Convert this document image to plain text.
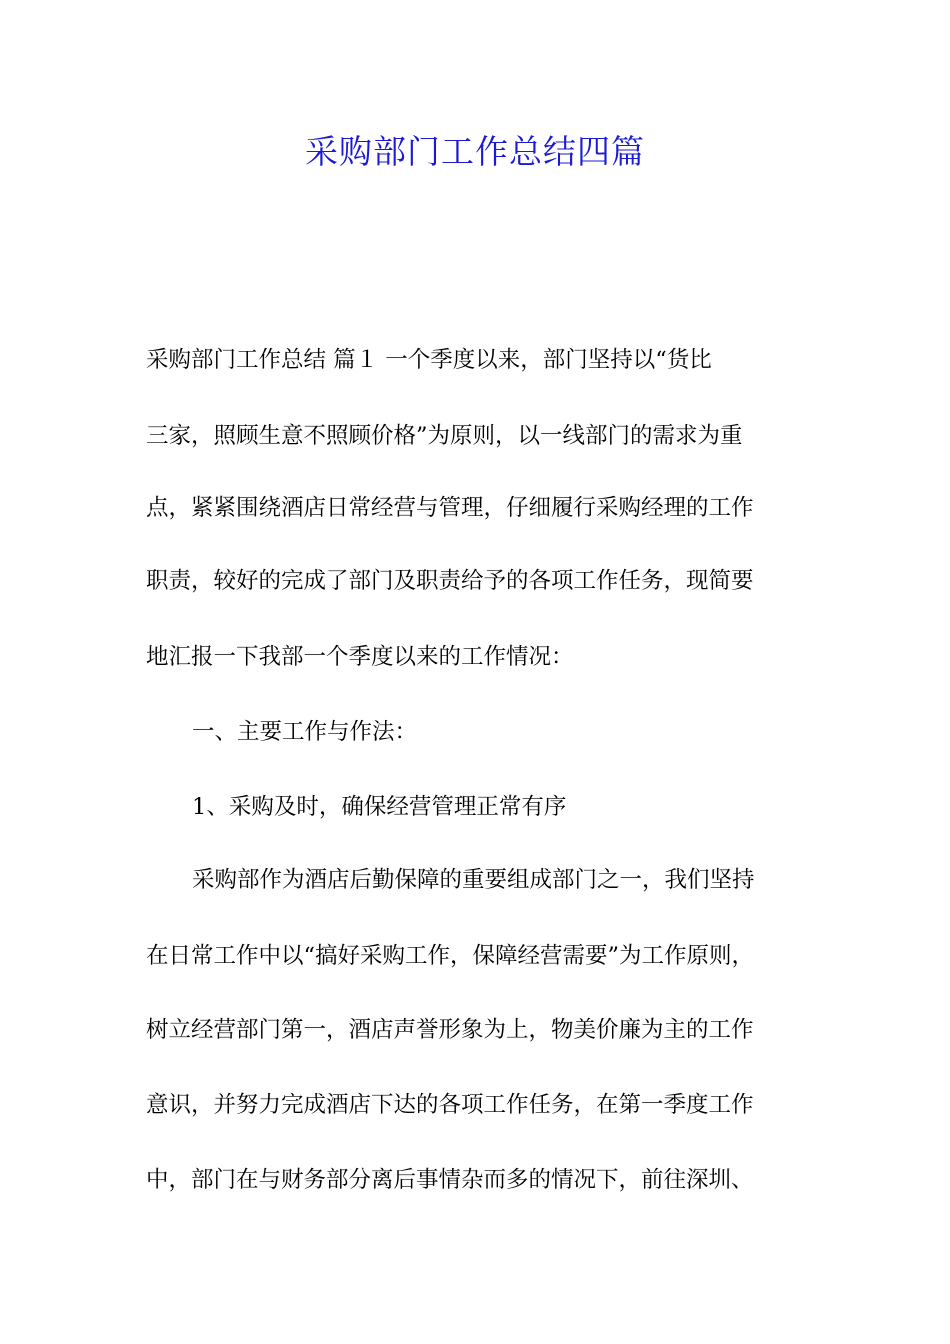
采购部门工作总结四篇
采购部门工作总结 篇１ 一个季度以来，部门坚持以“货比
三家，照顾生意不照顾价格”为原则，以一线部门的需求为重
点，紧紧围绕酒店日常经营与管理，仔细履行采购经理的工作
职责，较好的完成了部门及职责给予的各项工作任务，现简要
地汇报一下我部一个季度以来的工作情况：
一、主要工作与作法：
1、采购及时，确保经营管理正常有序
采购部作为酒店后勤保障的重要组成部门之一，我们坚持
在日常工作中以“搞好采购工作，保障经营需要”为工作原则，
树立经营部门第一，酒店声誉形象为上，物美价廉为主的工作
意识，并努力完成酒店下达的各项工作任务，在第一季度工作
中，部门在与财务部分离后事情杂而多的情况下，前往深圳、
